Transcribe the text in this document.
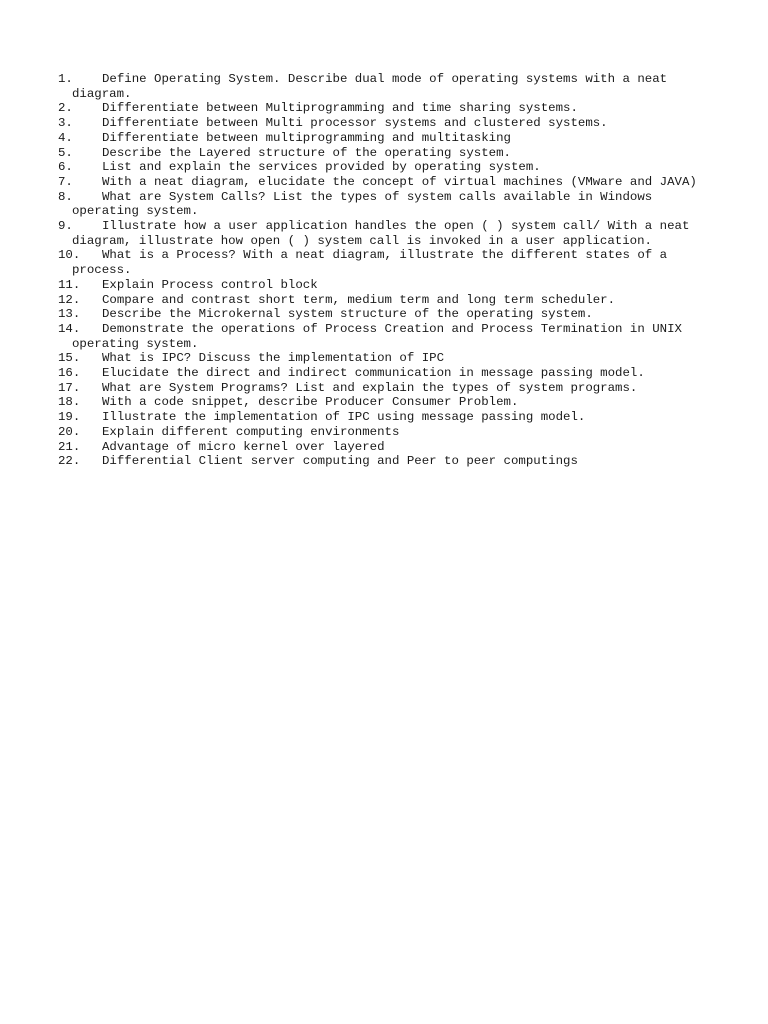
1. Define Operating System. Describe dual mode of operating systems with a neat diagram.
2. Differentiate between Multiprogramming and time sharing systems.
3. Differentiate between Multi processor systems and clustered systems.
4. Differentiate between multiprogramming and multitasking
5. Describe the Layered structure of the operating system.
6. List and explain the services provided by operating system.
7. With a neat diagram, elucidate the concept of virtual machines (VMware and JAVA)
8. What are System Calls? List the types of system calls available in Windows operating system.
9. Illustrate how a user application handles the open ( ) system call/ With a neat diagram, illustrate how open ( ) system call is invoked in a user application.
10. What is a Process? With a neat diagram, illustrate the different states of a process.
11. Explain Process control block
12. Compare and contrast short term, medium term and long term scheduler.
13. Describe the Microkernal system structure of the operating system.
14. Demonstrate the operations of Process Creation and Process Termination in UNIX operating system.
15. What is IPC? Discuss the implementation of IPC
16. Elucidate the direct and indirect communication in message passing model.
17. What are System Programs? List and explain the types of system programs.
18. With a code snippet, describe Producer Consumer Problem.
19. Illustrate the implementation of IPC using message passing model.
20. Explain different computing environments
21. Advantage of micro kernel over layered
22. Differential Client server computing and Peer to peer computings
